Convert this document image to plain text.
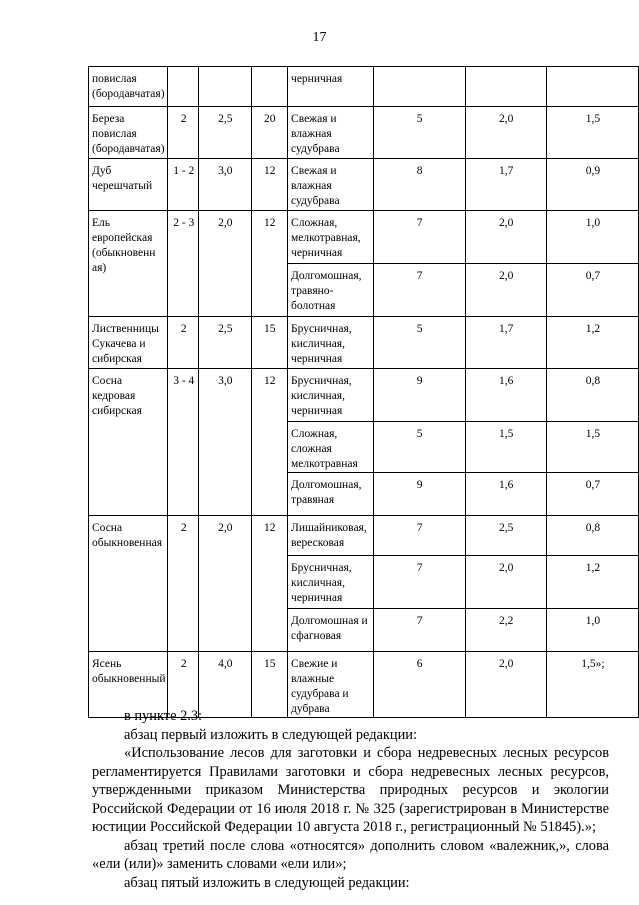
17
повислая (бородавчатая)				черничная			
Береза повислая (бородавчатая)	2	2,5	20	Свежая и влажная судубрава	5	2,0	1,5
Дуб черешчатый	1 - 2	3,0	12	Свежая и влажная судубрава	8	1,7	0,9
Ель европейская (обыкновенн ая)	2 - 3	2,0	12	Сложная, мелкотравная, черничная	7	2,0	1,0
				Долгомошная, травяно-болотная	7	2,0	0,7
Лиственницы Сукачева и сибирская	2	2,5	15	Брусничная, кисличная, черничная	5	1,7	1,2
Сосна кедровая сибирская	3 - 4	3,0	12	Брусничная, кисличная, черничная	9	1,6	0,8
				Сложная, сложная мелкотравная	5	1,5	1,5
				Долгомошная, травяная	9	1,6	0,7
Сосна обыкновенная	2	2,0	12	Лишайниковая, вересковая	7	2,5	0,8
				Брусничная, кисличная, черничная	7	2,0	1,2
				Долгомошная и сфагновая	7	2,2	1,0
Ясень обыкновенный	2	4,0	15	Свежие и влажные судубрава и дубрава	6	2,0	1,5»;

в пункте 2.3:

абзац первый изложить в следующей редакции:

«Использование лесов для заготовки и сбора недревесных лесных ресурсов регламентируется Правилами заготовки и сбора недревесных лесных ресурсов, утвержденными приказом Министерства природных ресурсов и экологии Российской Федерации от 16 июля 2018 г. № 325 (зарегистрирован в Министерстве юстиции Российской Федерации 10 августа 2018 г., регистрационный № 51845).»;

абзац третий после слова «относятся» дополнить словом «валежник,», слова «ели (или)» заменить словами «ели или»;

абзац пятый изложить в следующей редакции:
